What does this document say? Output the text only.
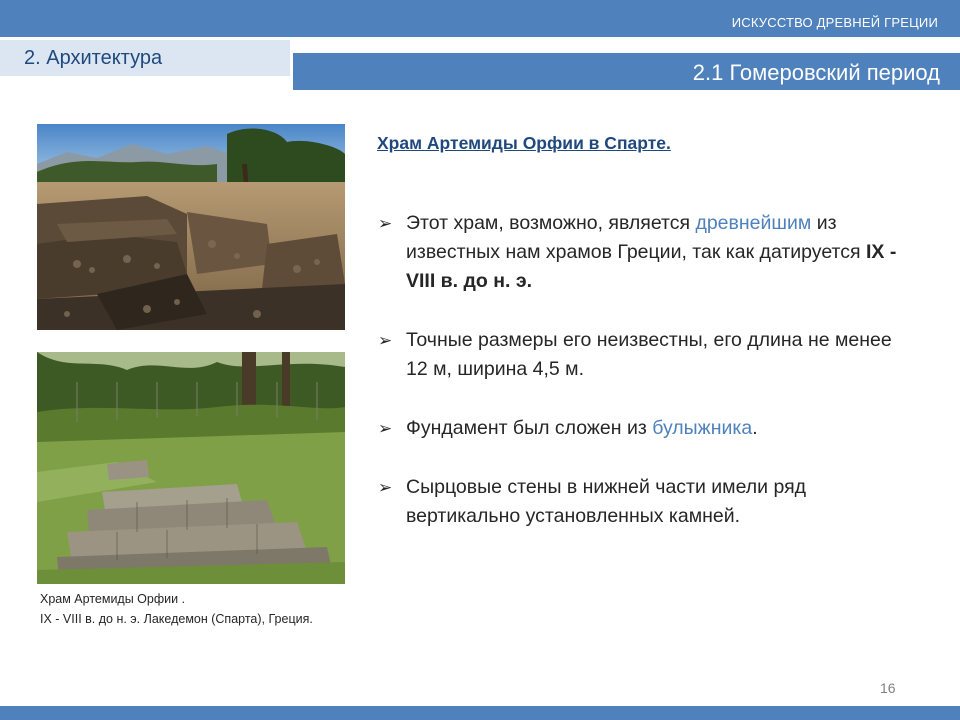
ИСКУССТВО ДРЕВНЕЙ ГРЕЦИИ
2. Архитектура
2.1 Гомеровский период
Храм Артемиды Орфии .
IX - VIII в. до н. э. Лакедемон (Спарта), Греция.
Храм Артемиды Орфии в Спарте.
➢ Этот храм, возможно, является древнейшим из известных нам храмов Греции, так как датируется IX - VIII в. до н. э.
➢ Точные размеры его неизвестны, его длина не менее 12 м, ширина 4,5 м.
➢ Фундамент был сложен из булыжника.
➢ Сырцовые стены в нижней части имели ряд вертикально установленных камней.
16
